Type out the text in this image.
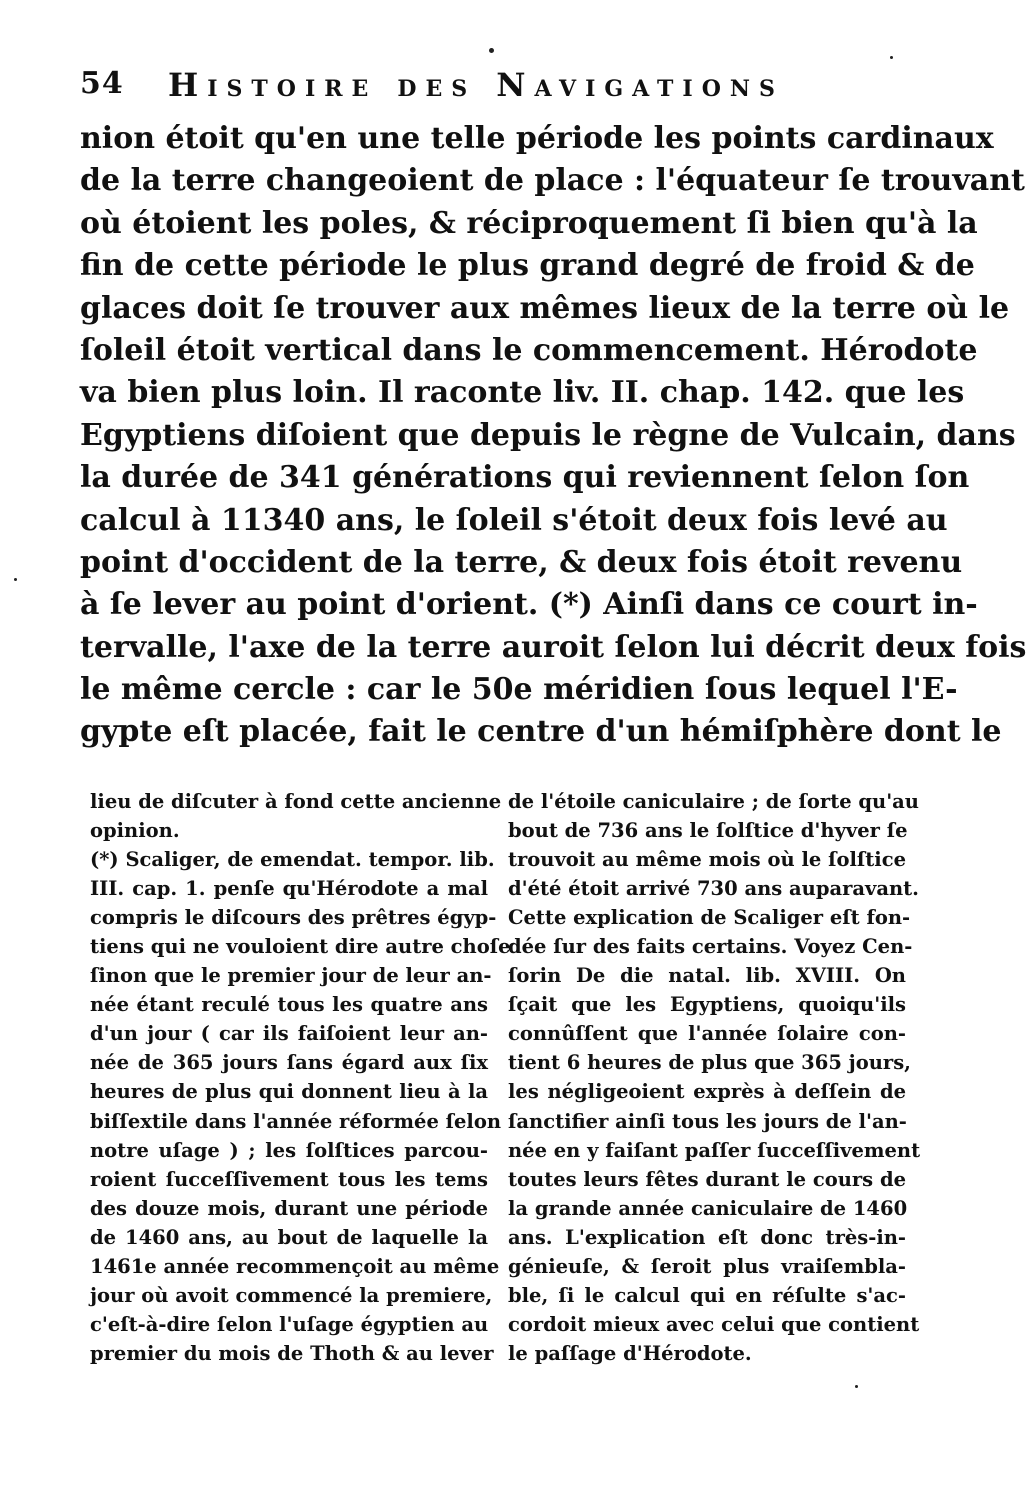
54 Histoire des Navigations
nion étoit qu'en une telle période les points cardinaux
de la terre changeoient de place : l'équateur ſe trouvant
où étoient les poles, & réciproquement ſi bien qu'à la
fin de cette période le plus grand degré de froid & de
glaces doit ſe trouver aux mêmes lieux de la terre où le
ſoleil étoit vertical dans le commencement. Hérodote
va bien plus loin. Il raconte liv. II. chap. 142. que les
Egyptiens diſoient que depuis le règne de Vulcain, dans
la durée de 341 générations qui reviennent ſelon ſon
calcul à 11340 ans, le ſoleil s'étoit deux fois levé au
point d'occident de la terre, & deux fois étoit revenu
à ſe lever au point d'orient. (*) Ainſi dans ce court in-
tervalle, l'axe de la terre auroit ſelon lui décrit deux fois
le même cercle : car le 50e méridien ſous lequel l'E-
gypte eſt placée, fait le centre d'un hémiſphère dont le
lieu de diſcuter à fond cette ancienne
opinion.
(*) Scaliger, de emendat. tempor. lib.
III. cap. 1. penſe qu'Hérodote a mal
compris le diſcours des prêtres égyp-
tiens qui ne vouloient dire autre choſe
ſinon que le premier jour de leur an-
née étant reculé tous les quatre ans
d'un jour ( car ils faiſoient leur an-
née de 365 jours ſans égard aux ſix
heures de plus qui donnent lieu à la
biſſextile dans l'année réformée ſelon
notre uſage ) ; les ſolſtices parcou-
roient ſucceſſivement tous les tems
des douze mois, durant une période
de 1460 ans, au bout de laquelle la
1461e année recommençoit au même
jour où avoit commencé la premiere,
c'eſt-à-dire ſelon l'uſage égyptien au
premier du mois de Thoth & au lever
de l'étoile caniculaire ; de ſorte qu'au
bout de 736 ans le ſolſtice d'hyver ſe
trouvoit au même mois où le ſolſtice
d'été étoit arrivé 730 ans auparavant.
Cette explication de Scaliger eſt fon-
dée ſur des faits certains. Voyez Cen-
ſorin De die natal. lib. XVIII. On
ſçait que les Egyptiens, quoiqu'ils
connûſſent que l'année ſolaire con-
tient 6 heures de plus que 365 jours,
les négligeoient exprès à deſſein de
ſanctifier ainſi tous les jours de l'an-
née en y faiſant paſſer ſucceſſivement
toutes leurs fêtes durant le cours de
la grande année caniculaire de 1460
ans. L'explication eſt donc très-in-
génieuſe, & ſeroit plus vraiſembla-
ble, ſi le calcul qui en réſulte s'ac-
cordoit mieux avec celui que contient
le paſſage d'Hérodote.
